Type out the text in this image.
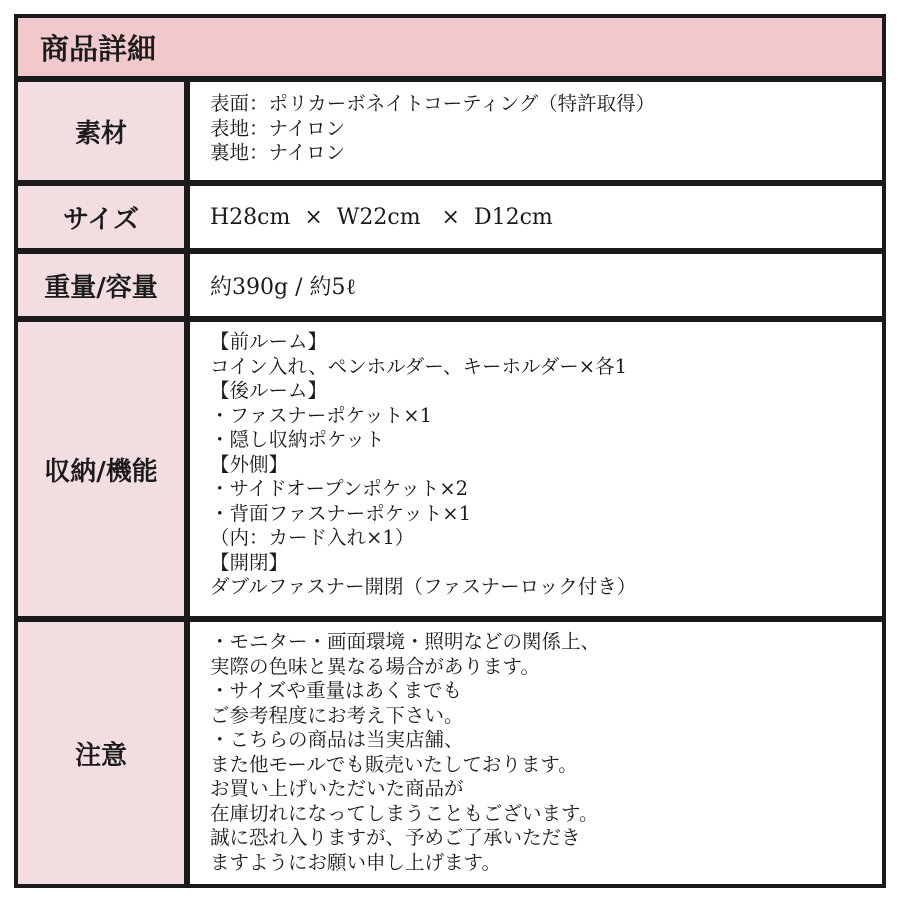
商品詳細
素材
表面：ポリカーボネイトコーティング（特許取得）
表地：ナイロン
裏地：ナイロン
サイズ	H28cm  ×  W22cm   ×  D12cm
重量/容量	約390g / 約5ℓ
収納/機能
【前ルーム】
コイン入れ、ペンホルダー、キーホルダー×各1
【後ルーム】
・ファスナーポケット×1
・隠し収納ポケット
【外側】
・サイドオープンポケット×2
・背面ファスナーポケット×1
（内：カード入れ×1）
【開閉】
ダブルファスナー開閉（ファスナーロック付き）
注意
・モニター・画面環境・照明などの関係上、
実際の色味と異なる場合があります。
・サイズや重量はあくまでも
ご参考程度にお考え下さい。
・こちらの商品は当実店舗、
また他モールでも販売いたしております。
お買い上げいただいた商品が
在庫切れになってしまうこともございます。
誠に恐れ入りますが、予めご了承いただき
ますようにお願い申し上げます。
